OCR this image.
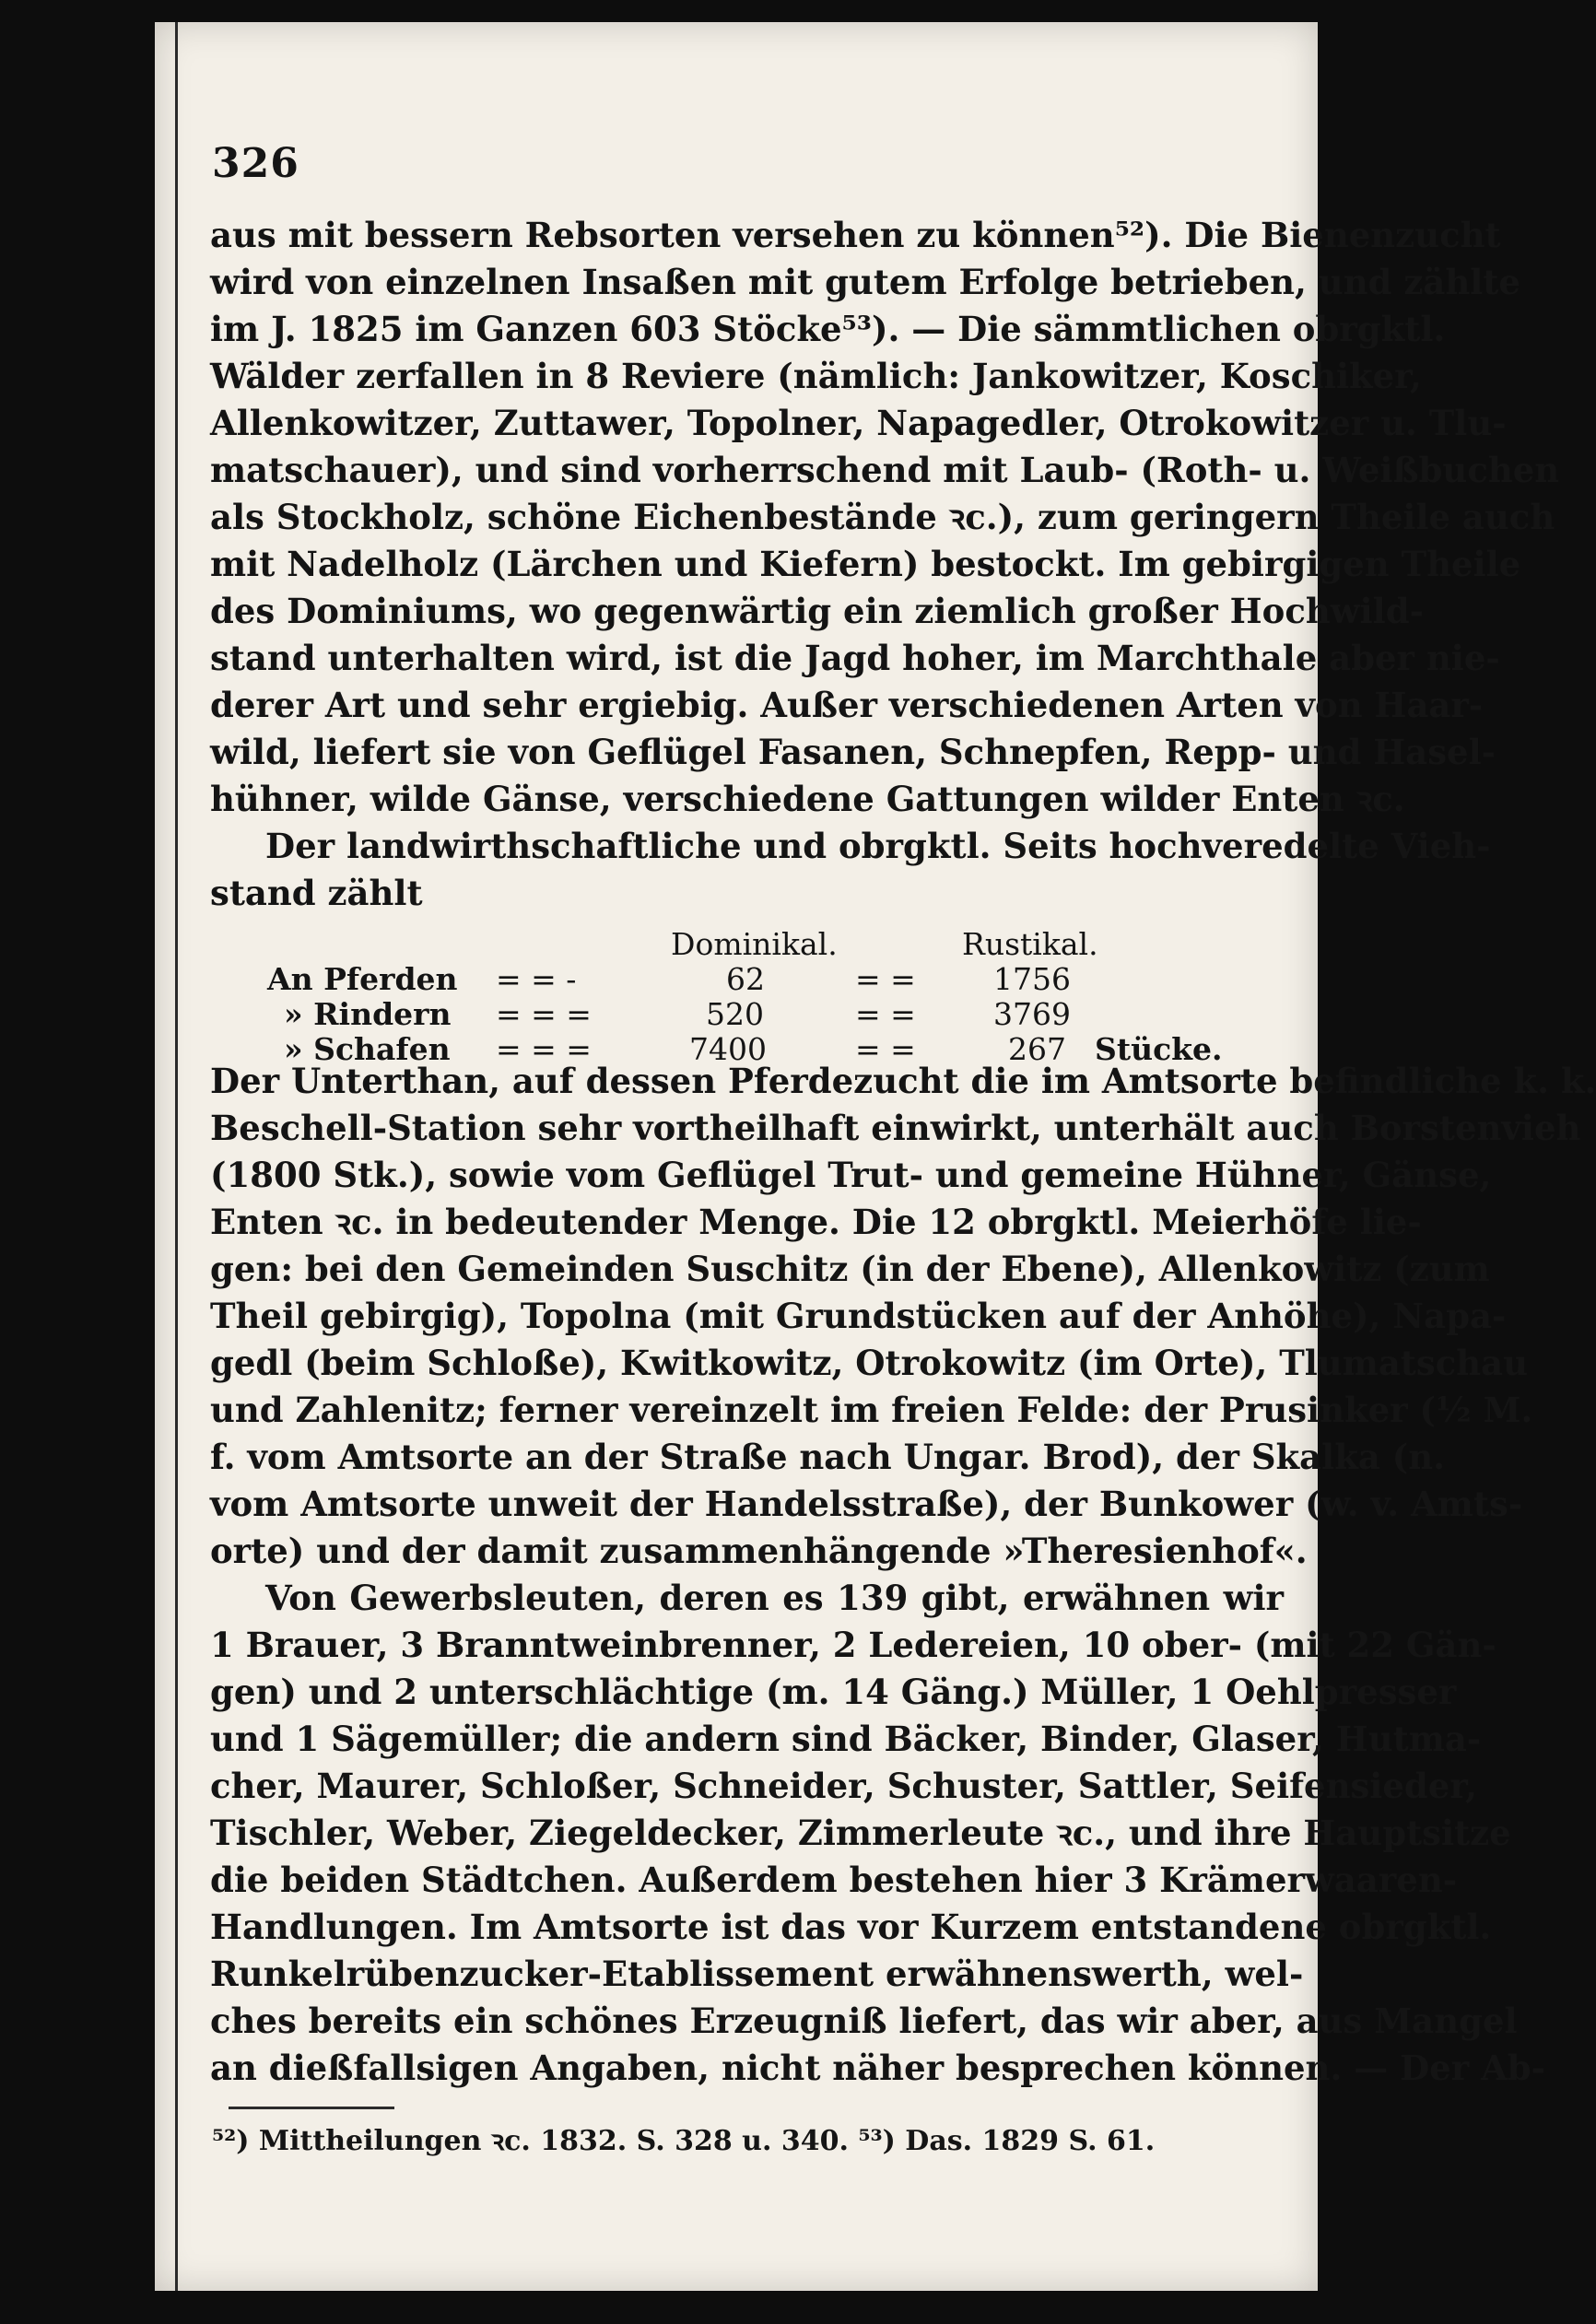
326
aus mit bessern Rebsorten versehen zu können⁵²). Die Bienenzucht
wird von einzelnen Insaßen mit gutem Erfolge betrieben, und zählte
im J. 1825 im Ganzen 603 Stöcke⁵³). — Die sämmtlichen obrgktl.
Wälder zerfallen in 8 Reviere (nämlich: Jankowitzer, Koschiker,
Allenkowitzer, Zuttawer, Topolner, Napagedler, Otrokowitzer u. Tlu-
matschauer), und sind vorherrschend mit Laub- (Roth- u. Weißbuchen
als Stockholz, schöne Eichenbestände ꝛc.), zum geringern Theile auch
mit Nadelholz (Lärchen und Kiefern) bestockt. Im gebirgigen Theile
des Dominiums, wo gegenwärtig ein ziemlich großer Hochwild-
stand unterhalten wird, ist die Jagd hoher, im Marchthale aber nie-
derer Art und sehr ergiebig. Außer verschiedenen Arten von Haar-
wild, liefert sie von Geflügel Fasanen, Schnepfen, Repp- und Hasel-
hühner, wilde Gänse, verschiedene Gattungen wilder Enten ꝛc.
Der landwirthschaftliche und obrgktl. Seits hochveredelte Vieh-
stand zählt
Dominikal.	Rustikal.
An Pferden = = -	62	= =	1756
» Rindern = = =	520	= =	3769
» Schafen = = =	7400	= =	267 Stücke.
Der Unterthan, auf dessen Pferdezucht die im Amtsorte befindliche k. k.
Beschell-Station sehr vortheilhaft einwirkt, unterhält auch Borstenvieh
(1800 Stk.), sowie vom Geflügel Trut- und gemeine Hühner, Gänse,
Enten ꝛc. in bedeutender Menge. Die 12 obrgktl. Meierhöfe lie-
gen: bei den Gemeinden Suschitz (in der Ebene), Allenkowitz (zum
Theil gebirgig), Topolna (mit Grundstücken auf der Anhöhe), Napa-
gedl (beim Schloße), Kwitkowitz, Otrokowitz (im Orte), Tlumatschau
und Zahlenitz; ferner vereinzelt im freien Felde: der Prusinker (½ M.
f. vom Amtsorte an der Straße nach Ungar. Brod), der Skalka (n.
vom Amtsorte unweit der Handelsstraße), der Bunkower (w. v. Amts-
orte) und der damit zusammenhängende »Theresienhof«.
Von Gewerbsleuten, deren es 139 gibt, erwähnen wir
1 Brauer, 3 Branntweinbrenner, 2 Ledereien, 10 ober- (mit 22 Gän-
gen) und 2 unterschlächtige (m. 14 Gäng.) Müller, 1 Oehlpresser
und 1 Sägemüller; die andern sind Bäcker, Binder, Glaser, Hutma-
cher, Maurer, Schloßer, Schneider, Schuster, Sattler, Seifensieder,
Tischler, Weber, Ziegeldecker, Zimmerleute ꝛc., und ihre Hauptsitze
die beiden Städtchen. Außerdem bestehen hier 3 Krämerwaaren-
Handlungen. Im Amtsorte ist das vor Kurzem entstandene obrgktl.
Runkelrübenzucker-Etablissement erwähnenswerth, wel-
ches bereits ein schönes Erzeugniß liefert, das wir aber, aus Mangel
an dießfallsigen Angaben, nicht näher besprechen können. — Der Ab-
⁵²) Mittheilungen ꝛc. 1832. S. 328 u. 340. ⁵³) Das. 1829 S. 61.
